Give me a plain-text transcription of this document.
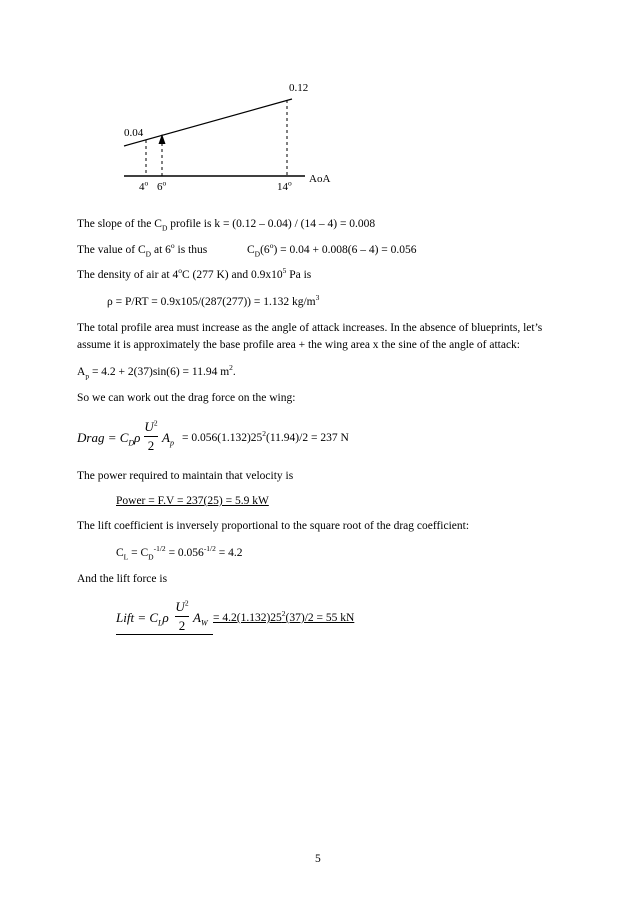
0.12
0.04
4$^o$ 6$^o$	14$^o$ AoA
The slope of the $C_D$ profile is k = (0.12 – 0.04) / (14 – 4) = 0.008
The value of $C_D$ at 6$^o$ is thus	$C_D(6^o) = 0.04 + 0.008(6 - 4) = 0.056$
The density of air at 4$^o$C (277 K) and $0.9x10^5$ Pa is
ρ = P/RT = 0.9x105/(287(277)) = 1.132 $kg/m^3$
The total profile area must increase as the angle of attack increases. In the absence of blueprints, let’s assume it is approximately the base profile area + the wing area x the sine of the angle of attack:
$A_p = 4.2 + 2(37)\sin(6) = 11.94$ $m^2$.
So we can work out the drag force on the wing:
Drag = $C_D\rho$
$U^2$
2
$A_p = 0.056(1.132)25^2(11.94)/2 = 237$ N
The power required to maintain that velocity is
Power = F.V = 237(25) = 5.9 kW
The lift coefficient is inversely proportional to the square root of the drag coefficient:
$C_L = C_D^{-1/2} = 0.056^{-1/2} = 4.2$
And the lift force is
Lift = $C_L\rho$
$U^2$
2
$A_W = 4.2(1.132)25^2(37)/2 = 55$ kN
5
